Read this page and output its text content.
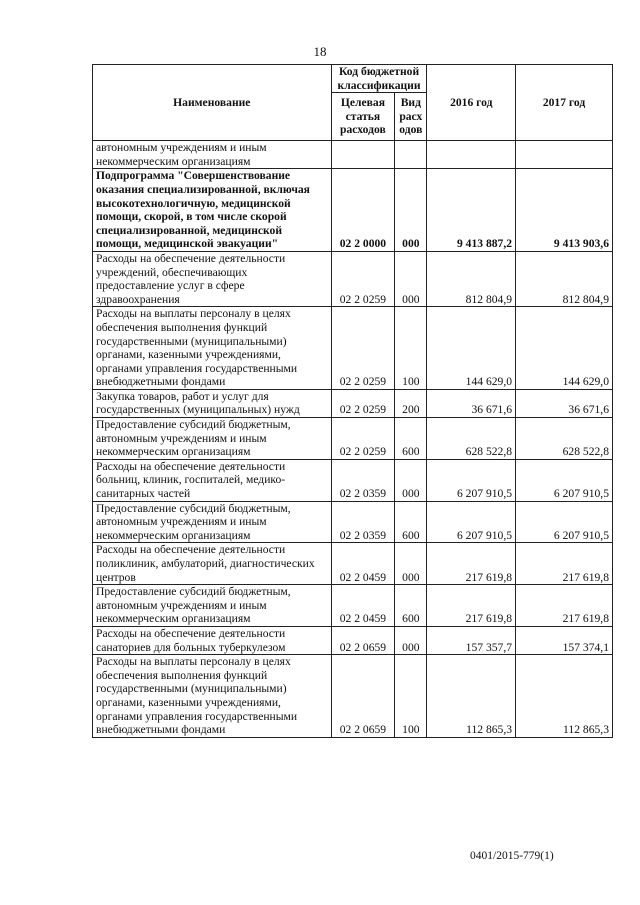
18
Наименование	Код бюджетной классификации		2016 год	2017 год
	Целевая статья расходов	Вид расх одов		
автономным учреждениям и иным некоммерческим организациям				
Подпрограмма "Совершенствование оказания специализированной, включая высокотехнологичную, медицинской помощи, скорой, в том числе скорой специализированной, медицинской помощи, медицинской эвакуации"	02 2 0000	000	9 413 887,2	9 413 903,6
Расходы на обеспечение деятельности учреждений, обеспечивающих предоставление услуг в сфере здравоохранения	02 2 0259	000	812 804,9	812 804,9
Расходы на выплаты персоналу в целях обеспечения выполнения функций государственными (муниципальными) органами, казенными учреждениями, органами управления государственными внебюджетными фондами	02 2 0259	100	144 629,0	144 629,0
Закупка товаров, работ и услуг для государственных (муниципальных) нужд	02 2 0259	200	36 671,6	36 671,6
Предоставление субсидий бюджетным, автономным учреждениям и иным некоммерческим организациям	02 2 0259	600	628 522,8	628 522,8
Расходы на обеспечение деятельности больниц, клиник, госпиталей, медико-санитарных частей	02 2 0359	000	6 207 910,5	6 207 910,5
Предоставление субсидий бюджетным, автономным учреждениям и иным некоммерческим организациям	02 2 0359	600	6 207 910,5	6 207 910,5
Расходы на обеспечение деятельности поликлиник, амбулаторий, диагностических центров	02 2 0459	000	217 619,8	217 619,8
Предоставление субсидий бюджетным, автономным учреждениям и иным некоммерческим организациям	02 2 0459	600	217 619,8	217 619,8
Расходы на обеспечение деятельности санаториев для больных туберкулезом	02 2 0659	000	157 357,7	157 374,1
Расходы на выплаты персоналу в целях обеспечения выполнения функций государственными (муниципальными) органами, казенными учреждениями, органами управления государственными внебюджетными фондами	02 2 0659	100	112 865,3	112 865,3
0401/2015-779(1)
